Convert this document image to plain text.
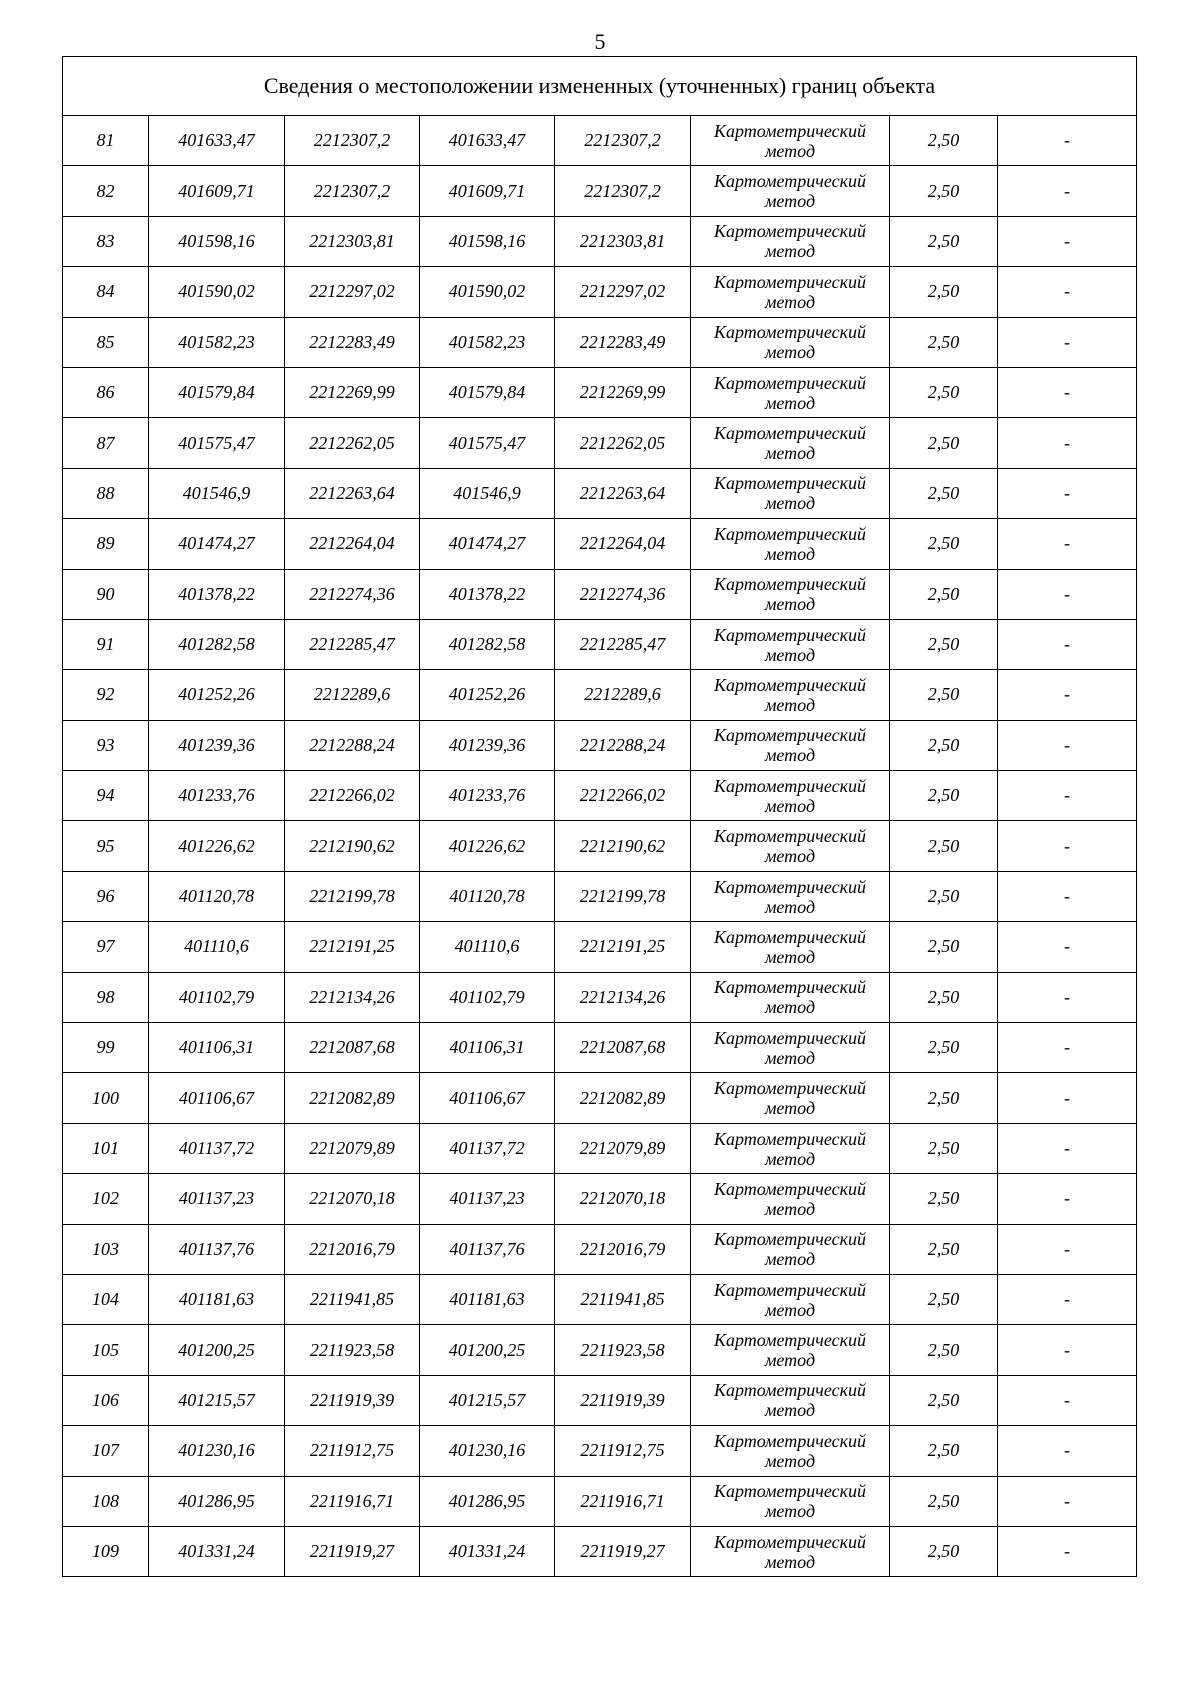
5
Сведения о местоположении измененных (уточненных) границ объекта							
81	401633,47	2212307,2	401633,47	2212307,2	Картометрический
метод	2,50	-
82	401609,71	2212307,2	401609,71	2212307,2	Картометрический
метод	2,50	-
83	401598,16	2212303,81	401598,16	2212303,81	Картометрический
метод	2,50	-
84	401590,02	2212297,02	401590,02	2212297,02	Картометрический
метод	2,50	-
85	401582,23	2212283,49	401582,23	2212283,49	Картометрический
метод	2,50	-
86	401579,84	2212269,99	401579,84	2212269,99	Картометрический
метод	2,50	-
87	401575,47	2212262,05	401575,47	2212262,05	Картометрический
метод	2,50	-
88	401546,9	2212263,64	401546,9	2212263,64	Картометрический
метод	2,50	-
89	401474,27	2212264,04	401474,27	2212264,04	Картометрический
метод	2,50	-
90	401378,22	2212274,36	401378,22	2212274,36	Картометрический
метод	2,50	-
91	401282,58	2212285,47	401282,58	2212285,47	Картометрический
метод	2,50	-
92	401252,26	2212289,6	401252,26	2212289,6	Картометрический
метод	2,50	-
93	401239,36	2212288,24	401239,36	2212288,24	Картометрический
метод	2,50	-
94	401233,76	2212266,02	401233,76	2212266,02	Картометрический
метод	2,50	-
95	401226,62	2212190,62	401226,62	2212190,62	Картометрический
метод	2,50	-
96	401120,78	2212199,78	401120,78	2212199,78	Картометрический
метод	2,50	-
97	401110,6	2212191,25	401110,6	2212191,25	Картометрический
метод	2,50	-
98	401102,79	2212134,26	401102,79	2212134,26	Картометрический
метод	2,50	-
99	401106,31	2212087,68	401106,31	2212087,68	Картометрический
метод	2,50	-
100	401106,67	2212082,89	401106,67	2212082,89	Картометрический
метод	2,50	-
101	401137,72	2212079,89	401137,72	2212079,89	Картометрический
метод	2,50	-
102	401137,23	2212070,18	401137,23	2212070,18	Картометрический
метод	2,50	-
103	401137,76	2212016,79	401137,76	2212016,79	Картометрический
метод	2,50	-
104	401181,63	2211941,85	401181,63	2211941,85	Картометрический
метод	2,50	-
105	401200,25	2211923,58	401200,25	2211923,58	Картометрический
метод	2,50	-
106	401215,57	2211919,39	401215,57	2211919,39	Картометрический
метод	2,50	-
107	401230,16	2211912,75	401230,16	2211912,75	Картометрический
метод	2,50	-
108	401286,95	2211916,71	401286,95	2211916,71	Картометрический
метод	2,50	-
109	401331,24	2211919,27	401331,24	2211919,27	Картометрический
метод	2,50	-
